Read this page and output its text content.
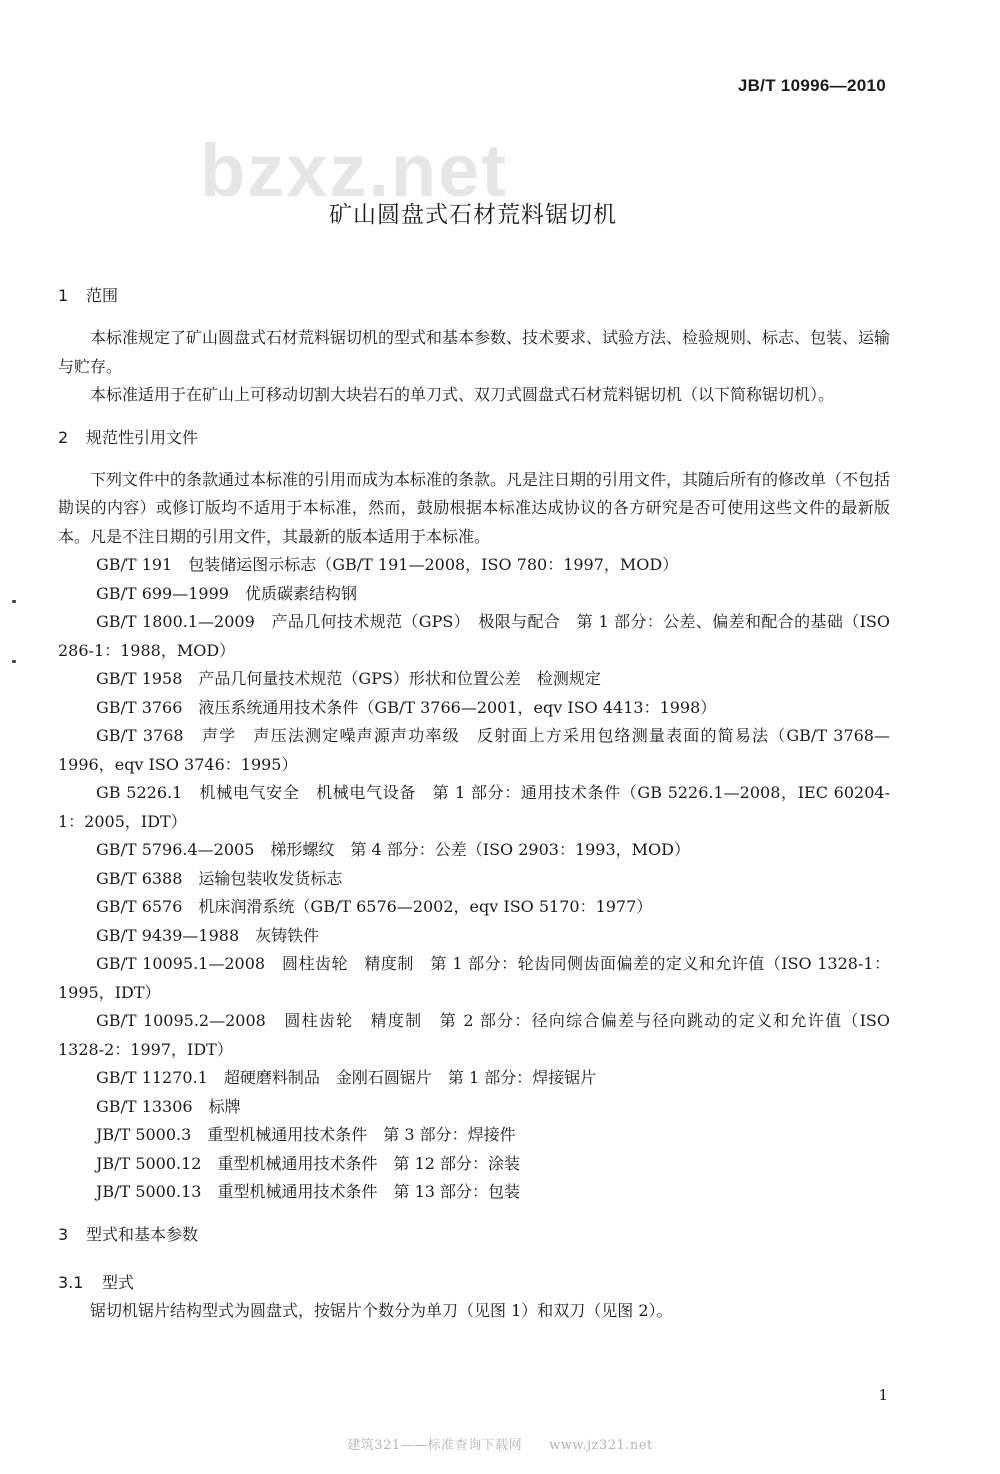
bzxz.net
JB/T 10996—2010
矿山圆盘式石材荒料锯切机
1 范围

本标准规定了矿山圆盘式石材荒料锯切机的型式和基本参数、技术要求、试验方法、检验规则、标志、包装、运输与贮存。

本标准适用于在矿山上可移动切割大块岩石的单刀式、双刀式圆盘式石材荒料锯切机（以下简称锯切机）。

2 规范性引用文件

下列文件中的条款通过本标准的引用而成为本标准的条款。凡是注日期的引用文件，其随后所有的修改单（不包括勘误的内容）或修订版均不适用于本标准，然而，鼓励根据本标准达成协议的各方研究是否可使用这些文件的最新版本。凡是不注日期的引用文件，其最新的版本适用于本标准。

GB/T 191　包装储运图示标志（GB/T 191—2008，ISO 780：1997，MOD）

GB/T 699—1999　优质碳素结构钢

GB/T 1800.1—2009　产品几何技术规范（GPS）　极限与配合　第 1 部分：公差、偏差和配合的基础（ISO 286-1：1988，MOD）

GB/T 1958　产品几何量技术规范（GPS）形状和位置公差　检测规定

GB/T 3766　液压系统通用技术条件（GB/T 3766—2001，eqv ISO 4413：1998）

GB/T 3768　声学　声压法测定噪声源声功率级　反射面上方采用包络测量表面的简易法（GB/T 3768—1996，eqv ISO 3746：1995）

GB 5226.1　机械电气安全　机械电气设备　第 1 部分：通用技术条件（GB 5226.1—2008，IEC 60204-1：2005，IDT）

GB/T 5796.4—2005　梯形螺纹　第 4 部分：公差（ISO 2903：1993，MOD）

GB/T 6388　运输包装收发货标志

GB/T 6576　机床润滑系统（GB/T 6576—2002，eqv ISO 5170：1977）

GB/T 9439—1988　灰铸铁件

GB/T 10095.1—2008　圆柱齿轮　精度制　第 1 部分：轮齿同侧齿面偏差的定义和允许值（ISO 1328-1：1995，IDT）

GB/T 10095.2—2008　圆柱齿轮　精度制　第 2 部分：径向综合偏差与径向跳动的定义和允许值（ISO 1328-2：1997，IDT）

GB/T 11270.1　超硬磨料制品　金刚石圆锯片　第 1 部分：焊接锯片

GB/T 13306　标牌

JB/T 5000.3　重型机械通用技术条件　第 3 部分：焊接件

JB/T 5000.12　重型机械通用技术条件　第 12 部分：涂装

JB/T 5000.13　重型机械通用技术条件　第 13 部分：包装

3 型式和基本参数
3.1 型式

锯切机锯片结构型式为圆盘式，按锯片个数分为单刀（见图 1）和双刀（见图 2）。

1
建筑321——标准查询下载网　　www.jz321.net
